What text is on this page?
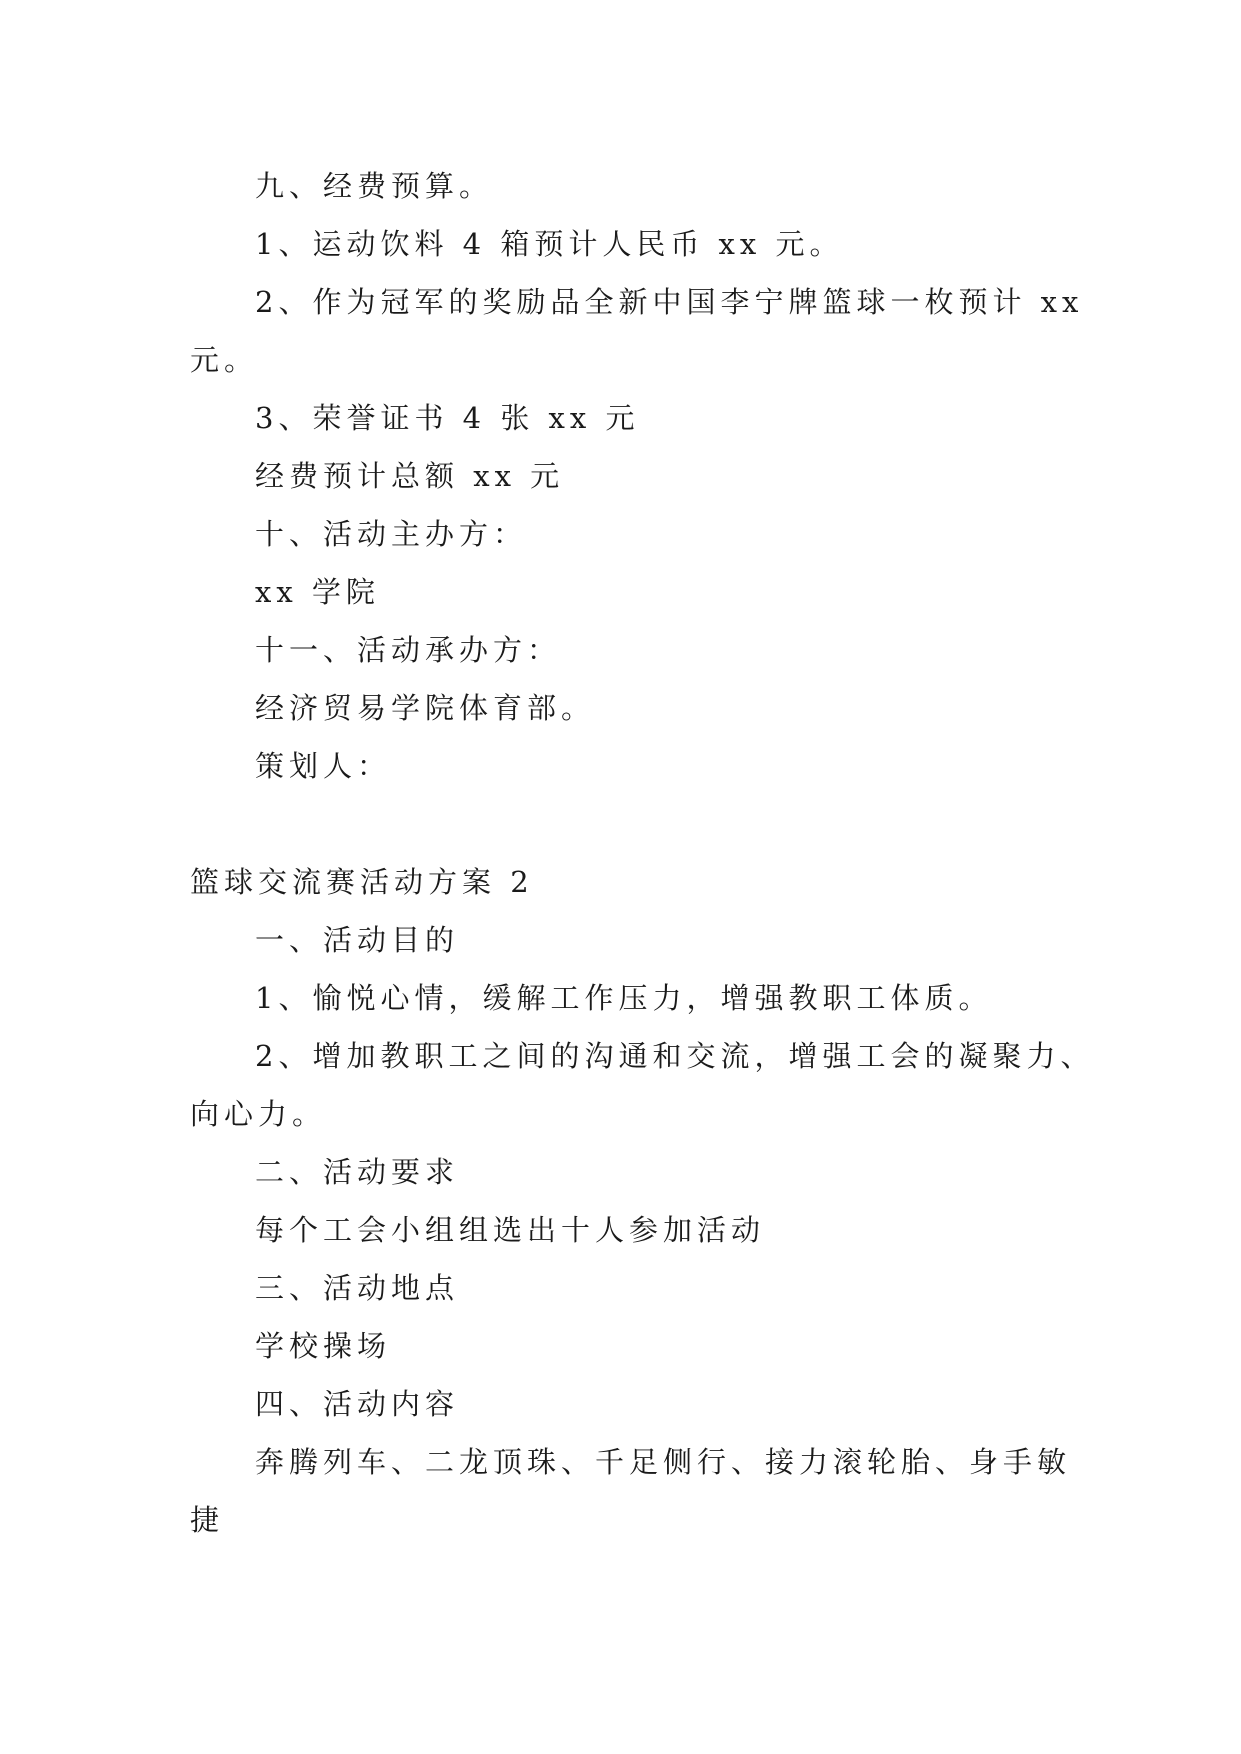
九、经费预算。
1、运动饮料 4 箱预计人民币 xx 元。
2、作为冠军的奖励品全新中国李宁牌篮球一枚预计 xx
元。
3、荣誉证书 4 张 xx 元
经费预计总额 xx 元
十、活动主办方：
xx 学院
十一、活动承办方：
经济贸易学院体育部。
策划人：
篮球交流赛活动方案 2
一、活动目的
1、愉悦心情，缓解工作压力，增强教职工体质。
2、增加教职工之间的沟通和交流，增强工会的凝聚力、
向心力。
二、活动要求
每个工会小组组选出十人参加活动
三、活动地点
学校操场
四、活动内容
奔腾列车、二龙顶珠、千足侧行、接力滚轮胎、身手敏
捷
